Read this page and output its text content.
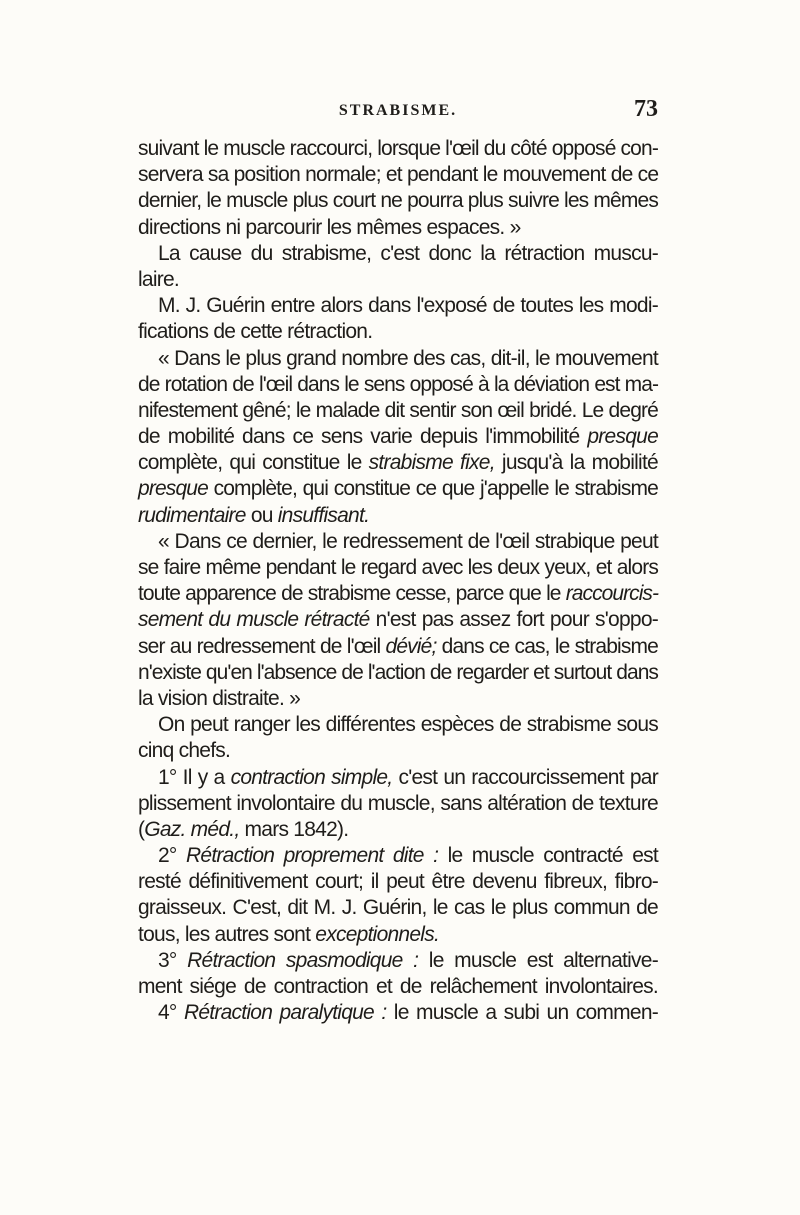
STRABISME.	73
suivant le muscle raccourci, lorsque l'œil du côté opposé con-
servera sa position normale; et pendant le mouvement de ce
dernier, le muscle plus court ne pourra plus suivre les mêmes
directions ni parcourir les mêmes espaces. »
La cause du strabisme, c'est donc la rétraction muscu-
laire.
M. J. Guérin entre alors dans l'exposé de toutes les modi-
fications de cette rétraction.
« Dans le plus grand nombre des cas, dit-il, le mouvement
de rotation de l'œil dans le sens opposé à la déviation est ma-
nifestement gêné; le malade dit sentir son œil bridé. Le degré
de mobilité dans ce sens varie depuis l'immobilité presque
complète, qui constitue le strabisme fixe, jusqu'à la mobilité
presque complète, qui constitue ce que j'appelle le strabisme
rudimentaire ou insuffisant.
« Dans ce dernier, le redressement de l'œil strabique peut
se faire même pendant le regard avec les deux yeux, et alors
toute apparence de strabisme cesse, parce que le raccourcis-
sement du muscle rétracté n'est pas assez fort pour s'oppo-
ser au redressement de l'œil dévié; dans ce cas, le strabisme
n'existe qu'en l'absence de l'action de regarder et surtout dans
la vision distraite. »
On peut ranger les différentes espèces de strabisme sous
cinq chefs.
1° Il y a contraction simple, c'est un raccourcissement par
plissement involontaire du muscle, sans altération de texture
(Gaz. méd., mars 1842).
2° Rétraction proprement dite : le muscle contracté est
resté définitivement court; il peut être devenu fibreux, fibro-
graisseux. C'est, dit M. J. Guérin, le cas le plus commun de
tous, les autres sont exceptionnels.
3° Rétraction spasmodique : le muscle est alternative-
ment siége de contraction et de relâchement involontaires.
4° Rétraction paralytique : le muscle a subi un commen-
